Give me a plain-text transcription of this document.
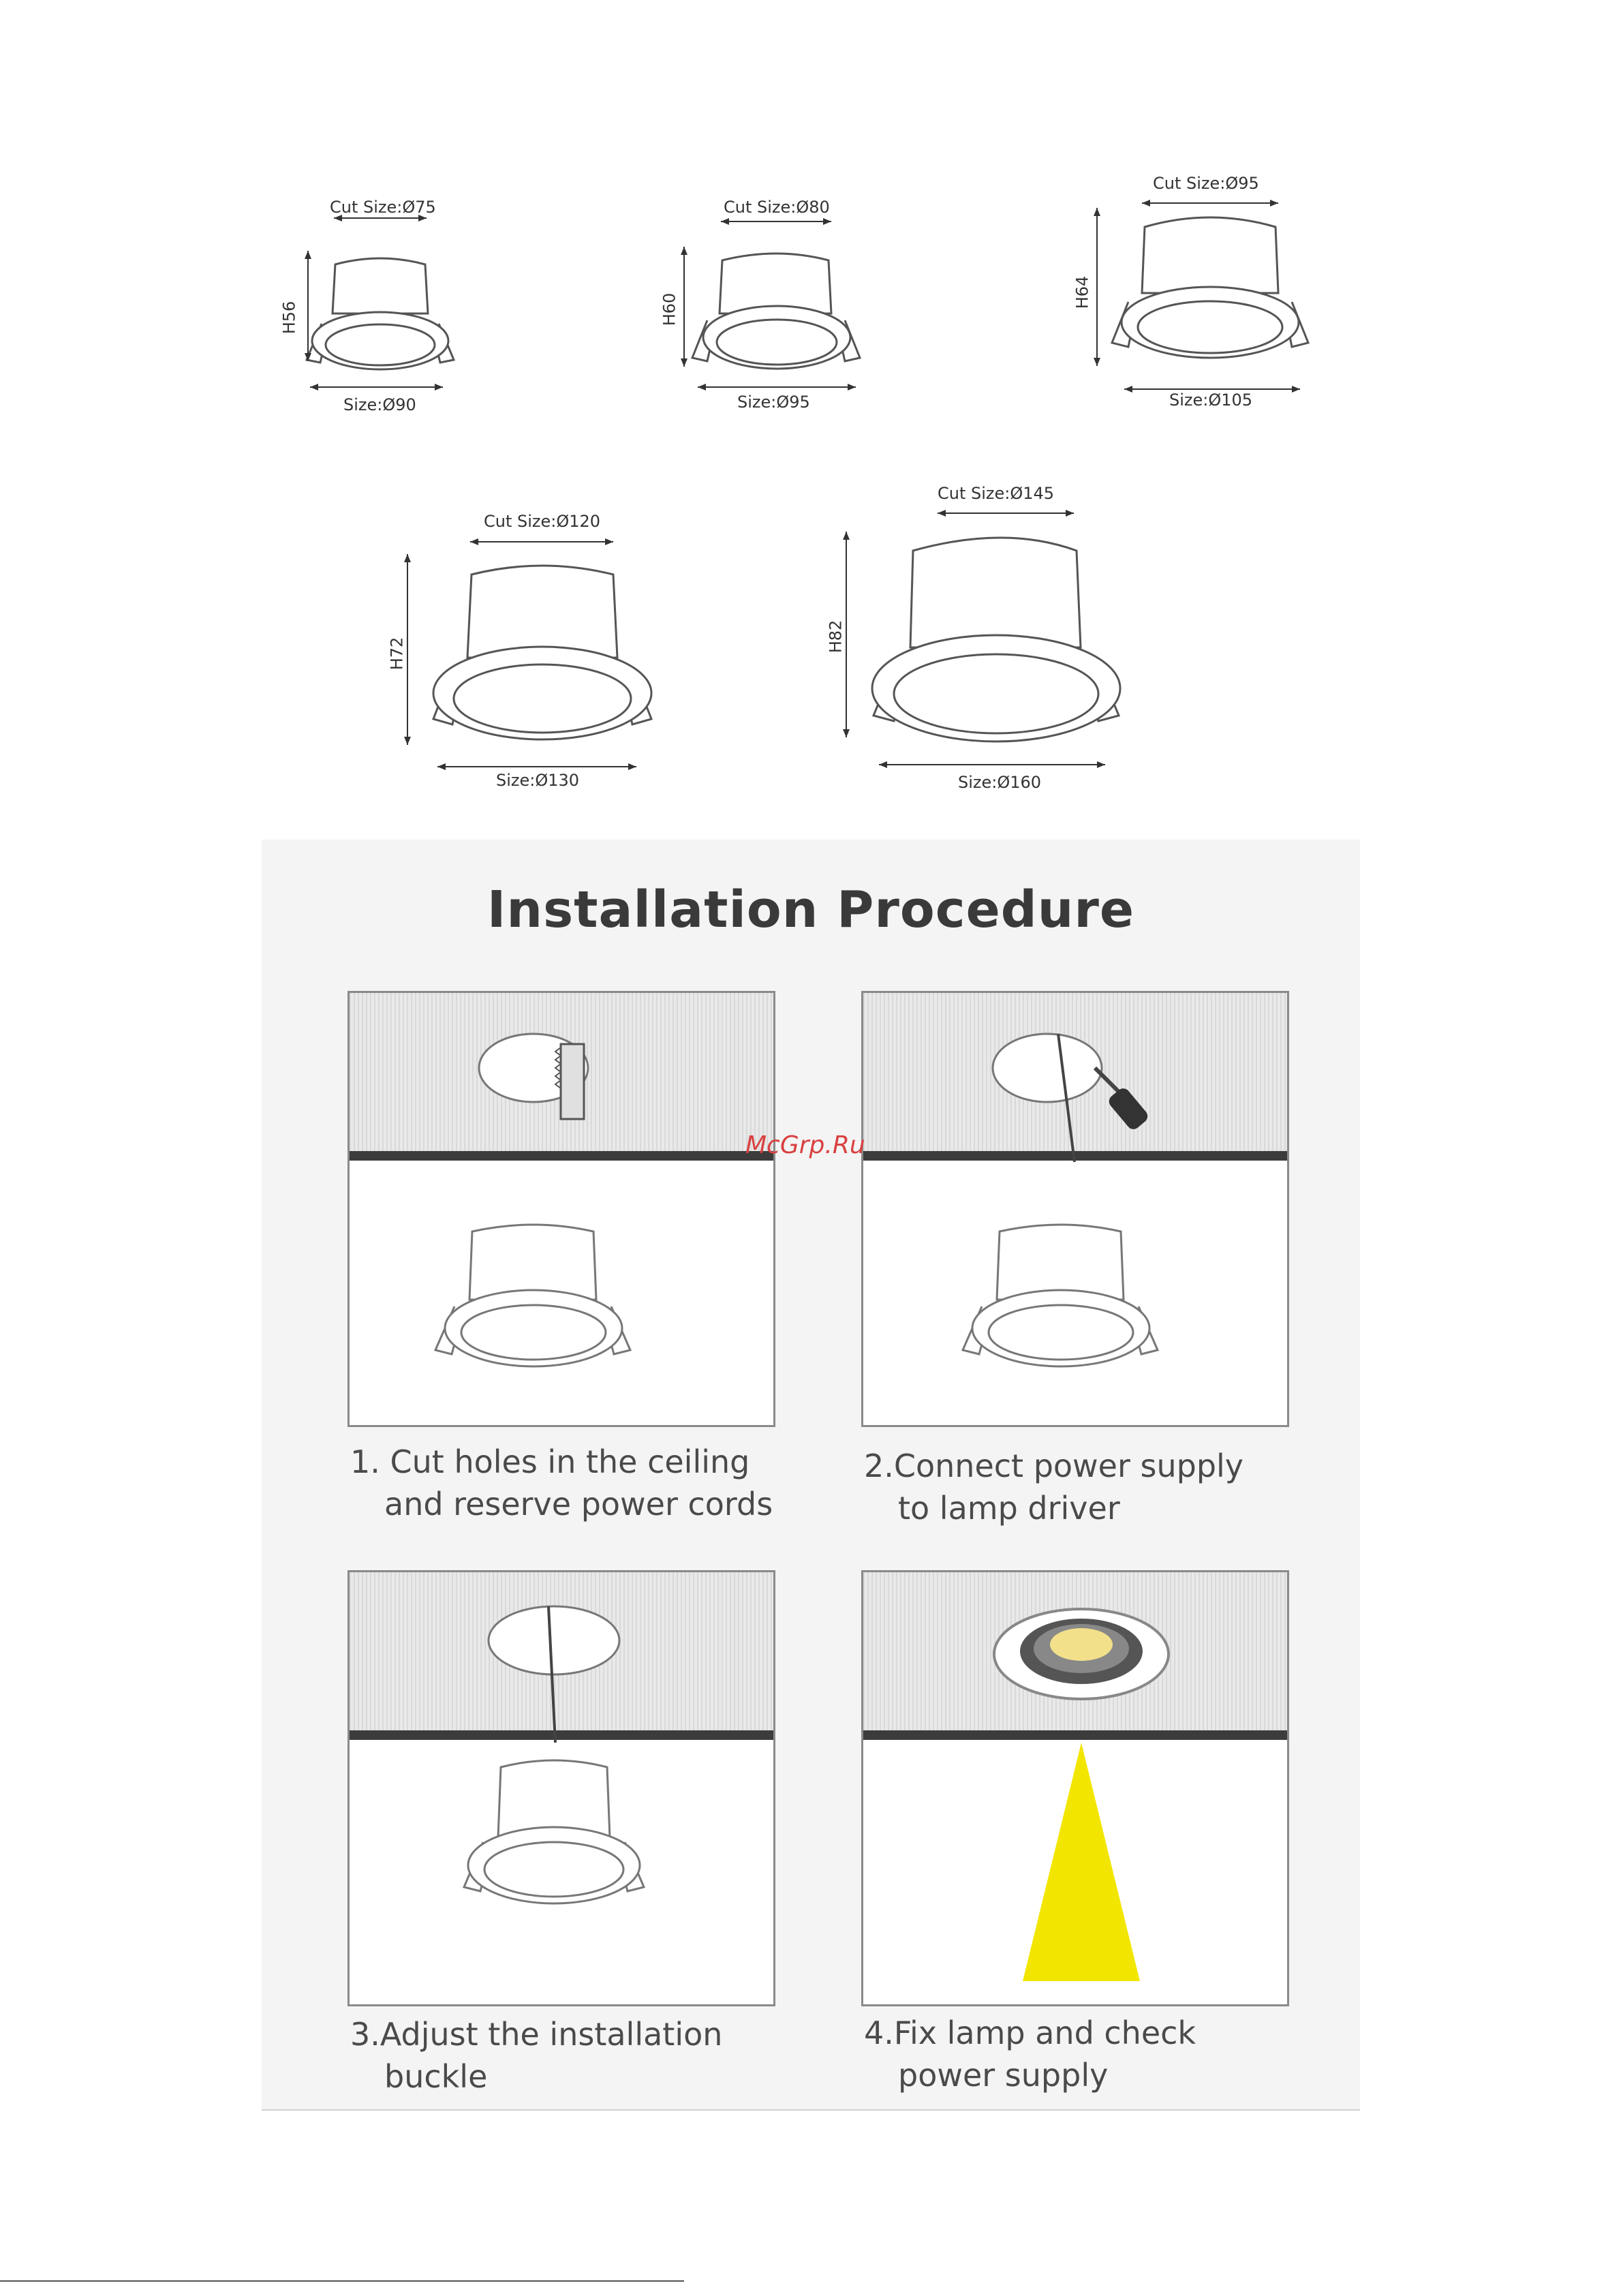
Cut Size:Ø75
Size:Ø90
H56
Cut Size:Ø80
Size:Ø95
H60
Cut Size:Ø95
Size:Ø105
H64
Cut Size:Ø120
Size:Ø130
H72
Cut Size:Ø145
Size:Ø160
H82
Installation Procedure
1. Cut holes in the ceiling
and reserve power cords
2.Connect power supply
to lamp driver
3.Adjust the installation
buckle
4.Fix lamp and check
power supply
McGrp.Ru
